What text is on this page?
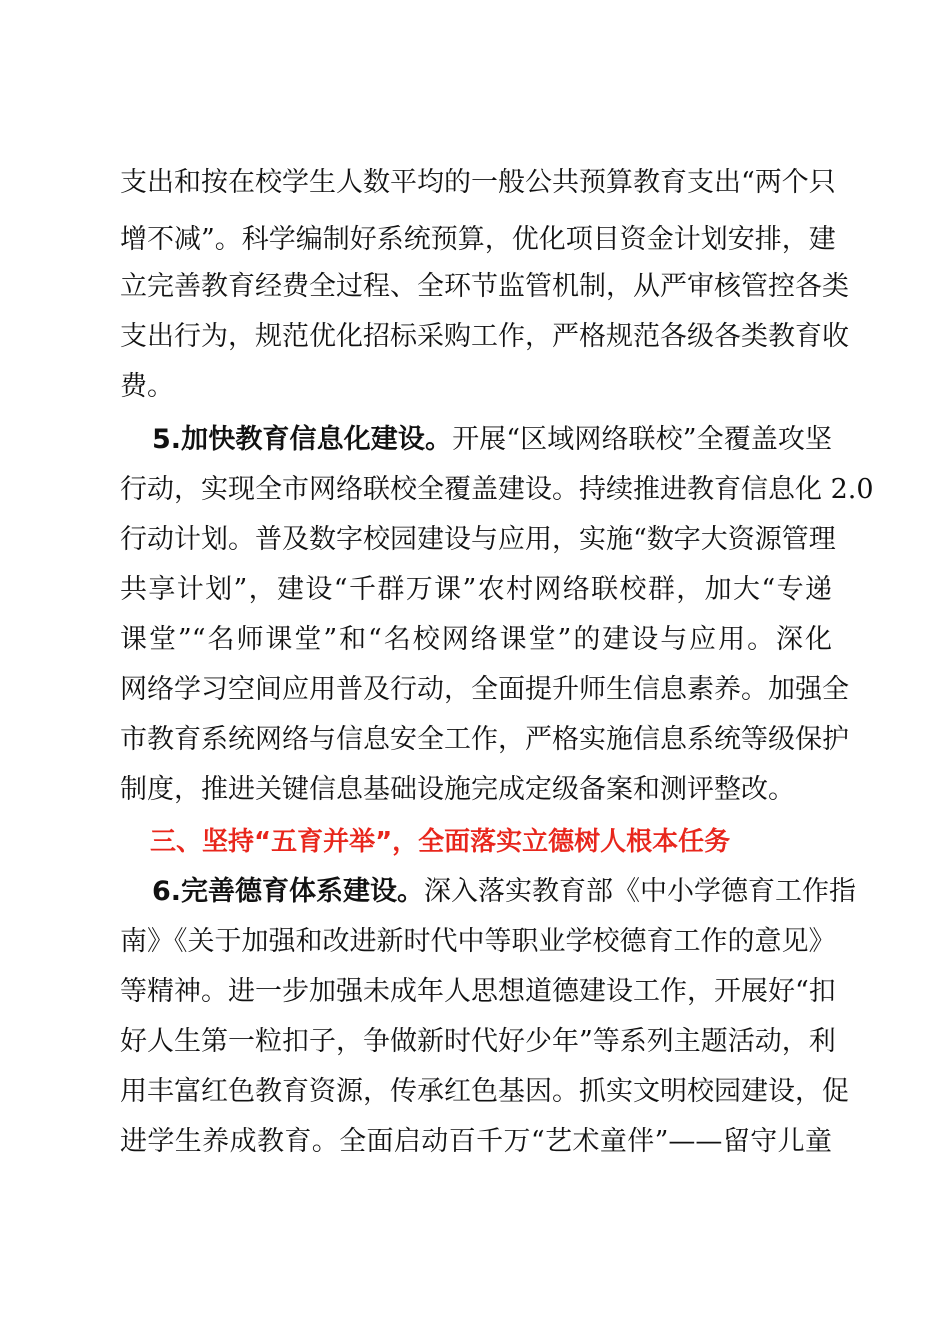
支出和按在校学生人数平均的一般公共预算教育支出“两个只
增不减”。科学编制好系统预算，优化项目资金计划安排，建
立完善教育经费全过程、全环节监管机制，从严审核管控各类
支出行为，规范优化招标采购工作，严格规范各级各类教育收
费。
5.加快教育信息化建设。开展“区域网络联校”全覆盖攻坚
行动，实现全市网络联校全覆盖建设。持续推进教育信息化 2.0
行动计划。普及数字校园建设与应用，实施“数字大资源管理
共享计划”，建设“千群万课”农村网络联校群，加大“专递
课堂”“名师课堂”和“名校网络课堂”的建设与应用。深化
网络学习空间应用普及行动，全面提升师生信息素养。加强全
市教育系统网络与信息安全工作，严格实施信息系统等级保护
制度，推进关键信息基础设施完成定级备案和测评整改。
三、坚持“五育并举”，全面落实立德树人根本任务
6.完善德育体系建设。深入落实教育部《中小学德育工作指
南》《关于加强和改进新时代中等职业学校德育工作的意见》
等精神。进一步加强未成年人思想道德建设工作，开展好“扣
好人生第一粒扣子，争做新时代好少年”等系列主题活动，利
用丰富红色教育资源，传承红色基因。抓实文明校园建设，促
进学生养成教育。全面启动百千万“艺术童伴”——留守儿童
